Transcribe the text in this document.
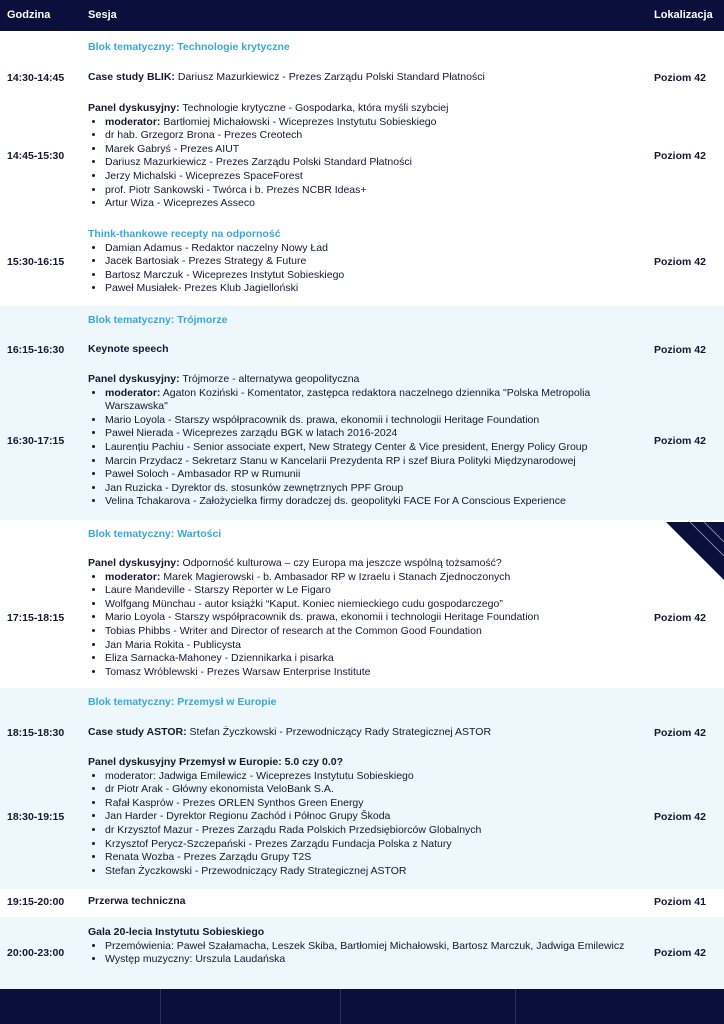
Godzina	Sesja	Lokalizacja
Blok tematyczny: Technologie krytyczne
14:30-14:45 Case study BLIK: Dariusz Mazurkiewicz - Prezes Zarządu Polski Standard Płatności	Poziom 42
14:45-15:30
Panel dyskusyjny: Technologie krytyczne - Gospodarka, która myśli szybciej
• moderator: Bartłomiej Michałowski - Wiceprezes Instytutu Sobieskiego
• dr hab. Grzegorz Brona - Prezes Creotech
• Marek Gabryś - Prezes AIUT
• Dariusz Mazurkiewicz - Prezes Zarządu Polski Standard Płatności
• Jerzy Michalski - Wiceprezes SpaceForest
• prof. Piotr Sankowski - Twórca i b. Prezes NCBR Ideas+
• Artur Wiza - Wiceprezes Asseco
Poziom 42
15:30-16:15
Think-thankowe recepty na odporność
• Damian Adamus - Redaktor naczelny Nowy Ład
• Jacek Bartosiak - Prezes Strategy & Future
• Bartosz Marczuk - Wiceprezes Instytut Sobieskiego
• Paweł Musiałek- Prezes Klub Jagielloński
Poziom 42
Blok tematyczny: Trójmorze
16:15-16:30 Keynote speech	Poziom 42
16:30-17:15
Panel dyskusyjny: Trójmorze - alternatywa geopolityczna
• moderator: Agaton Koziński - Komentator, zastępca redaktora naczelnego dziennika "Polska Metropolia Warszawska"
• Mario Loyola - Starszy współpracownik ds. prawa, ekonomii i technologii Heritage Foundation
• Paweł Nierada - Wiceprezes zarządu BGK w latach 2016-2024
• Laurențiu Pachiu - Senior associate expert, New Strategy Center & Vice president, Energy Policy Group
• Marcin Przydacz - Sekretarz Stanu w Kancelarii Prezydenta RP i szef Biura Polityki Międzynarodowej
• Paweł Soloch - Ambasador RP w Rumunii
• Jan Ruzicka - Dyrektor ds. stosunków zewnętrznych PPF Group
• Velina Tchakarova - Założycielka firmy doradczej ds. geopolityki FACE For A Conscious Experience
Poziom 42
Blok tematyczny: Wartości
17:15-18:15
Panel dyskusyjny: Odporność kulturowa – czy Europa ma jeszcze wspólną tożsamość?
• moderator: Marek Magierowski - b. Ambasador RP w Izraelu i Stanach Zjednoczonych
• Laure Mandeville - Starszy Reporter w Le Figaro
• Wolfgang Münchau - autor książki “Kaput. Koniec niemieckiego cudu gospodarczego”
• Mario Loyola - Starszy współpracownik ds. prawa, ekonomii i technologii Heritage Foundation
• Tobias Phibbs - Writer and Director of research at the Common Good Foundation
• Jan Maria Rokita - Publicysta
• Eliza Sarnacka-Mahoney - Dziennikarka i pisarka
• Tomasz Wróblewski - Prezes Warsaw Enterprise Institute
Poziom 42
Blok tematyczny: Przemysł w Europie
18:15-18:30 Case study ASTOR: Stefan Życzkowski - Przewodniczący Rady Strategicznej ASTOR	Poziom 42
18:30-19:15
Panel dyskusyjny Przemysł w Europie: 5.0 czy 0.0?
• moderator: Jadwiga Emilewicz - Wiceprezes Instytutu Sobieskiego
• dr Piotr Arak - Główny ekonomista VeloBank S.A.
• Rafał Kasprów - Prezes ORLEN Synthos Green Energy
• Jan Harder - Dyrektor Regionu Zachód i Północ Grupy Škoda
• dr Krzysztof Mazur - Prezes Zarządu Rada Polskich Przedsiębiorców Globalnych
• Krzysztof Perycz-Szczepański - Prezes Zarządu Fundacja Polska z Natury
• Renata Wozba - Prezes Zarządu Grupy T2S
• Stefan Życzkowski - Przewodniczący Rady Strategicznej ASTOR
Poziom 42
19:15-20:00 Przerwa techniczna	Poziom 41
20:00-23:00
Gala 20-lecia Instytutu Sobieskiego
• Przemówienia: Paweł Szałamacha, Leszek Skiba, Bartłomiej Michałowski, Bartosz Marczuk, Jadwiga Emilewicz
• Występ muzyczny: Urszula Laudańska
Poziom 42
